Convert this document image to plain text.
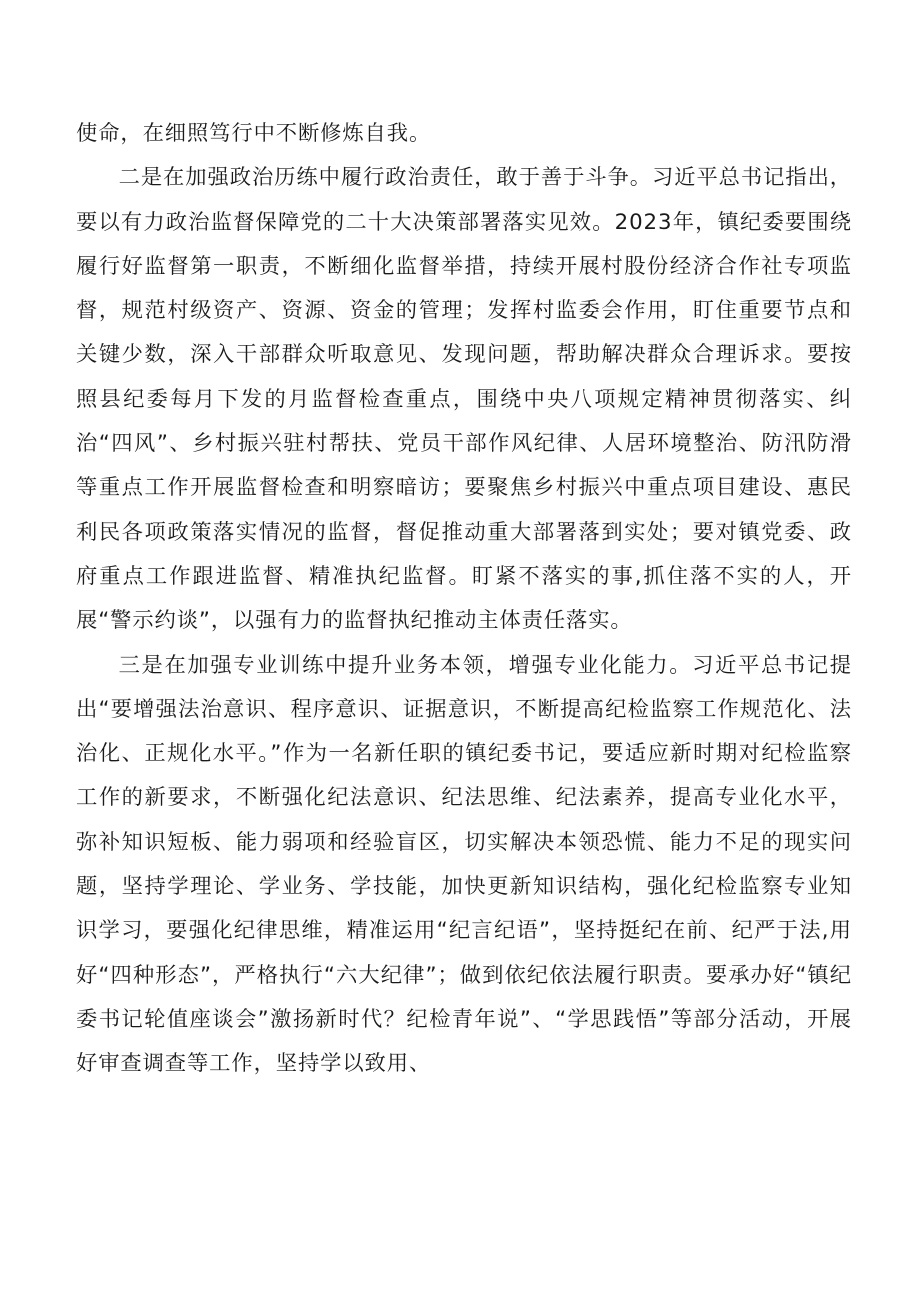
使命，在细照笃行中不断修炼自我。

二是在加强政治历练中履行政治责任，敢于善于斗争。习近平总书记指出，要以有力政治监督保障党的二十大决策部署落实见效。2023年，镇纪委要围绕履行好监督第一职责，不断细化监督举措，持续开展村股份经济合作社专项监督，规范村级资产、资源、资金的管理；发挥村监委会作用，盯住重要节点和关键少数，深入干部群众听取意见、发现问题，帮助解决群众合理诉求。要按照县纪委每月下发的月监督检查重点，围绕中央八项规定精神贯彻落实、纠治“四风”、乡村振兴驻村帮扶、党员干部作风纪律、人居环境整治、防汛防滑等重点工作开展监督检查和明察暗访；要聚焦乡村振兴中重点项目建设、惠民利民各项政策落实情况的监督，督促推动重大部署落到实处；要对镇党委、政府重点工作跟进监督、精准执纪监督。盯紧不落实的事,抓住落不实的人，开展“警示约谈”，以强有力的监督执纪推动主体责任落实。

三是在加强专业训练中提升业务本领，增强专业化能力。习近平总书记提出“要增强法治意识、程序意识、证据意识，不断提高纪检监察工作规范化、法治化、正规化水平。”作为一名新任职的镇纪委书记，要适应新时期对纪检监察工作的新要求，不断强化纪法意识、纪法思维、纪法素养，提高专业化水平，弥补知识短板、能力弱项和经验盲区，切实解决本领恐慌、能力不足的现实问题，坚持学理论、学业务、学技能，加快更新知识结构，强化纪检监察专业知识学习，要强化纪律思维，精准运用“纪言纪语”，坚持挺纪在前、纪严于法,用好“四种形态”，严格执行“六大纪律”；做到依纪依法履行职责。要承办好“镇纪委书记轮值座谈会”激扬新时代？纪检青年说”、“学思践悟”等部分活动，开展好审查调查等工作，坚持学以致用、
